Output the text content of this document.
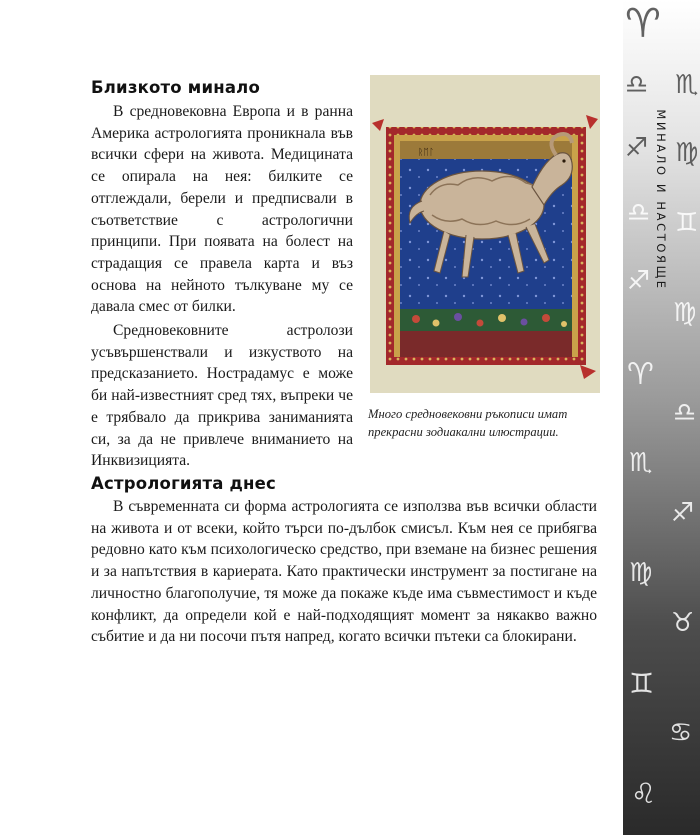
Близкото минало

В средновековна Европа и в ранна Америка астрологията проникнала във всички сфери на живота. Медицината се опирала на нея: билките се отглеждали, берели и предписвали в съответствие с астрологични принципи. При появата на болест на страдащия се правела карта и въз основа на нейното тълкуване му се давала смес от билки.

Средновековните астролози усъвършенствали и изкуството на предсказанието. Нострадамус е може би най-известният сред тях, въпреки че е трябвало да прикрива заниманията си, за да не привлече вниманието на Инквизицията.

ᚱᛖᛚ
Много средновековни ръкописи имат прекрасни зодиакални илюстрации.
Астрологията днес

В съвременната си форма астрологията се използва във всички области на живота и от всеки, който търси по-дълбок смисъл. Към нея се прибягва редовно като към психологическо средство, при вземане на бизнес решения и за напътствия в кариерата. Като практически инструмент за постигане на личностно благополучие, тя може да покаже къде има съвместимост и къде конфликт, да определи кой е най-подходящият момент за някакво важно събитие и да ни посочи пътя напред, когато всички пътеки са блокирани.

♈
♎ ♏
♐ ♍
♎ ♊
♐
♍
♈
♎
♏
♐
♍
♉
♊
♋
♌
МИНАЛО И НАСТОЯЩЕ
